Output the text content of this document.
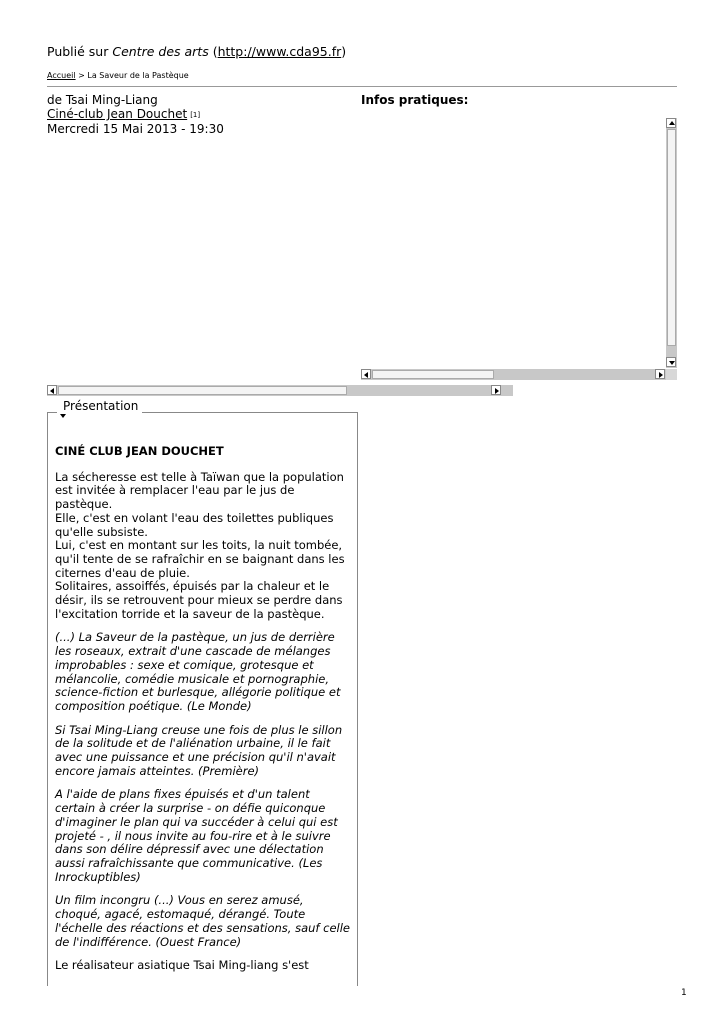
Publié sur Centre des arts (http://www.cda95.fr)
Accueil > La Saveur de la Pastèque
de Tsai Ming-Liang
Ciné-club Jean Douchet [1]
Mercredi 15 Mai 2013 - 19:30
Infos pratiques:
Présentation
CINÉ CLUB JEAN DOUCHET

La sécheresse est telle à Taïwan que la population est invitée à remplacer l'eau par le jus de pastèque.
Elle, c'est en volant l'eau des toilettes publiques qu'elle subsiste.
Lui, c'est en montant sur les toits, la nuit tombée, qu'il tente de se rafraîchir en se baignant dans les citernes d'eau de pluie.
Solitaires, assoiffés, épuisés par la chaleur et le désir, ils se retrouvent pour mieux se perdre dans l'excitation torride et la saveur de la pastèque.

(...) La Saveur de la pastèque, un jus de derrière les roseaux, extrait d'une cascade de mélanges improbables : sexe et comique, grotesque et mélancolie, comédie musicale et pornographie, science-fiction et burlesque, allégorie politique et composition poétique. (Le Monde)

Si Tsai Ming-Liang creuse une fois de plus le sillon de la solitude et de l'aliénation urbaine, il le fait avec une puissance et une précision qu'il n'avait encore jamais atteintes. (Première)

A l'aide de plans fixes épuisés et d'un talent certain à créer la surprise - on défie quiconque d'imaginer le plan qui va succéder à celui qui est projeté - , il nous invite au fou-rire et à le suivre dans son délire dépressif avec une délectation aussi rafraîchissante que communicative. (Les Inrockuptibles)

Un film incongru (...) Vous en serez amusé, choqué, agacé, estomaqué, dérangé. Toute l'échelle des réactions et des sensations, sauf celle de l'indifférence. (Ouest France)

Le réalisateur asiatique Tsai Ming-liang s'est

1
